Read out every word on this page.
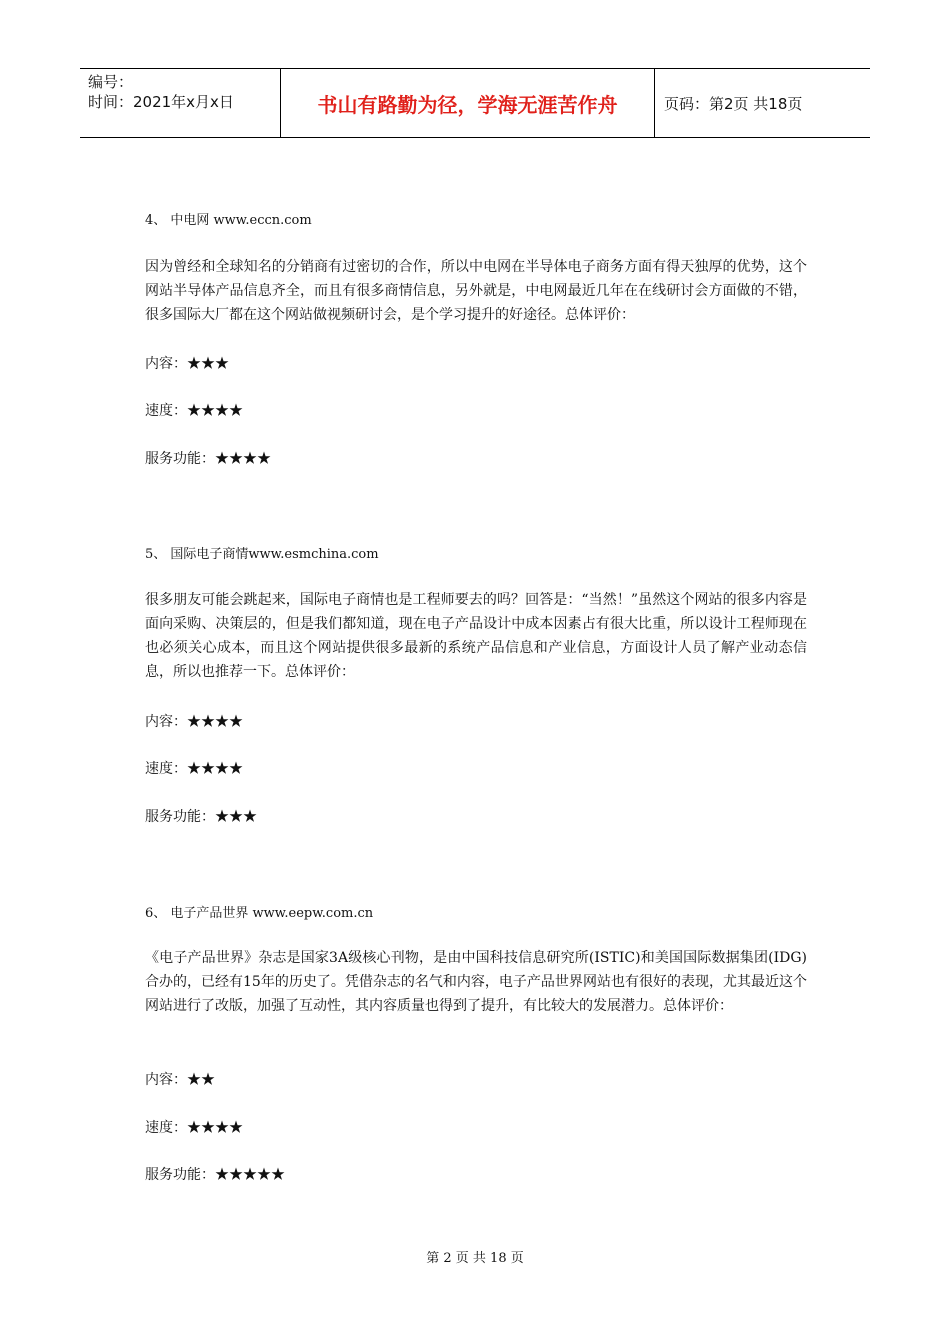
编号：
时间：2021年x月x日	书山有路勤为径，学海无涯苦作舟	页码：第2页 共18页
4、 中电网 www.eccn.com
因为曾经和全球知名的分销商有过密切的合作，所以中电网在半导体电子商务方面有得天独厚的优势，这个网站半导体产品信息齐全，而且有很多商情信息，另外就是，中电网最近几年在在线研讨会方面做的不错，很多国际大厂都在这个网站做视频研讨会，是个学习提升的好途径。总体评价：
内容：★★★
速度：★★★★
服务功能：★★★★
5、 国际电子商情www.esmchina.com
很多朋友可能会跳起来，国际电子商情也是工程师要去的吗？回答是：“当然！”虽然这个网站的很多内容是面向采购、决策层的，但是我们都知道，现在电子产品设计中成本因素占有很大比重，所以设计工程师现在也必须关心成本，而且这个网站提供很多最新的系统产品信息和产业信息，方面设计人员了解产业动态信息，所以也推荐一下。总体评价：
内容：★★★★
速度：★★★★
服务功能：★★★
6、 电子产品世界 www.eepw.com.cn
《电子产品世界》杂志是国家3A级核心刊物，是由中国科技信息研究所(ISTIC)和美国国际数据集团(IDG)合办的，已经有15年的历史了。凭借杂志的名气和内容，电子产品世界网站也有很好的表现，尤其最近这个网站进行了改版，加强了互动性，其内容质量也得到了提升，有比较大的发展潜力。总体评价：
内容：★★
速度：★★★★
服务功能：★★★★★
第 2 页 共 18 页
